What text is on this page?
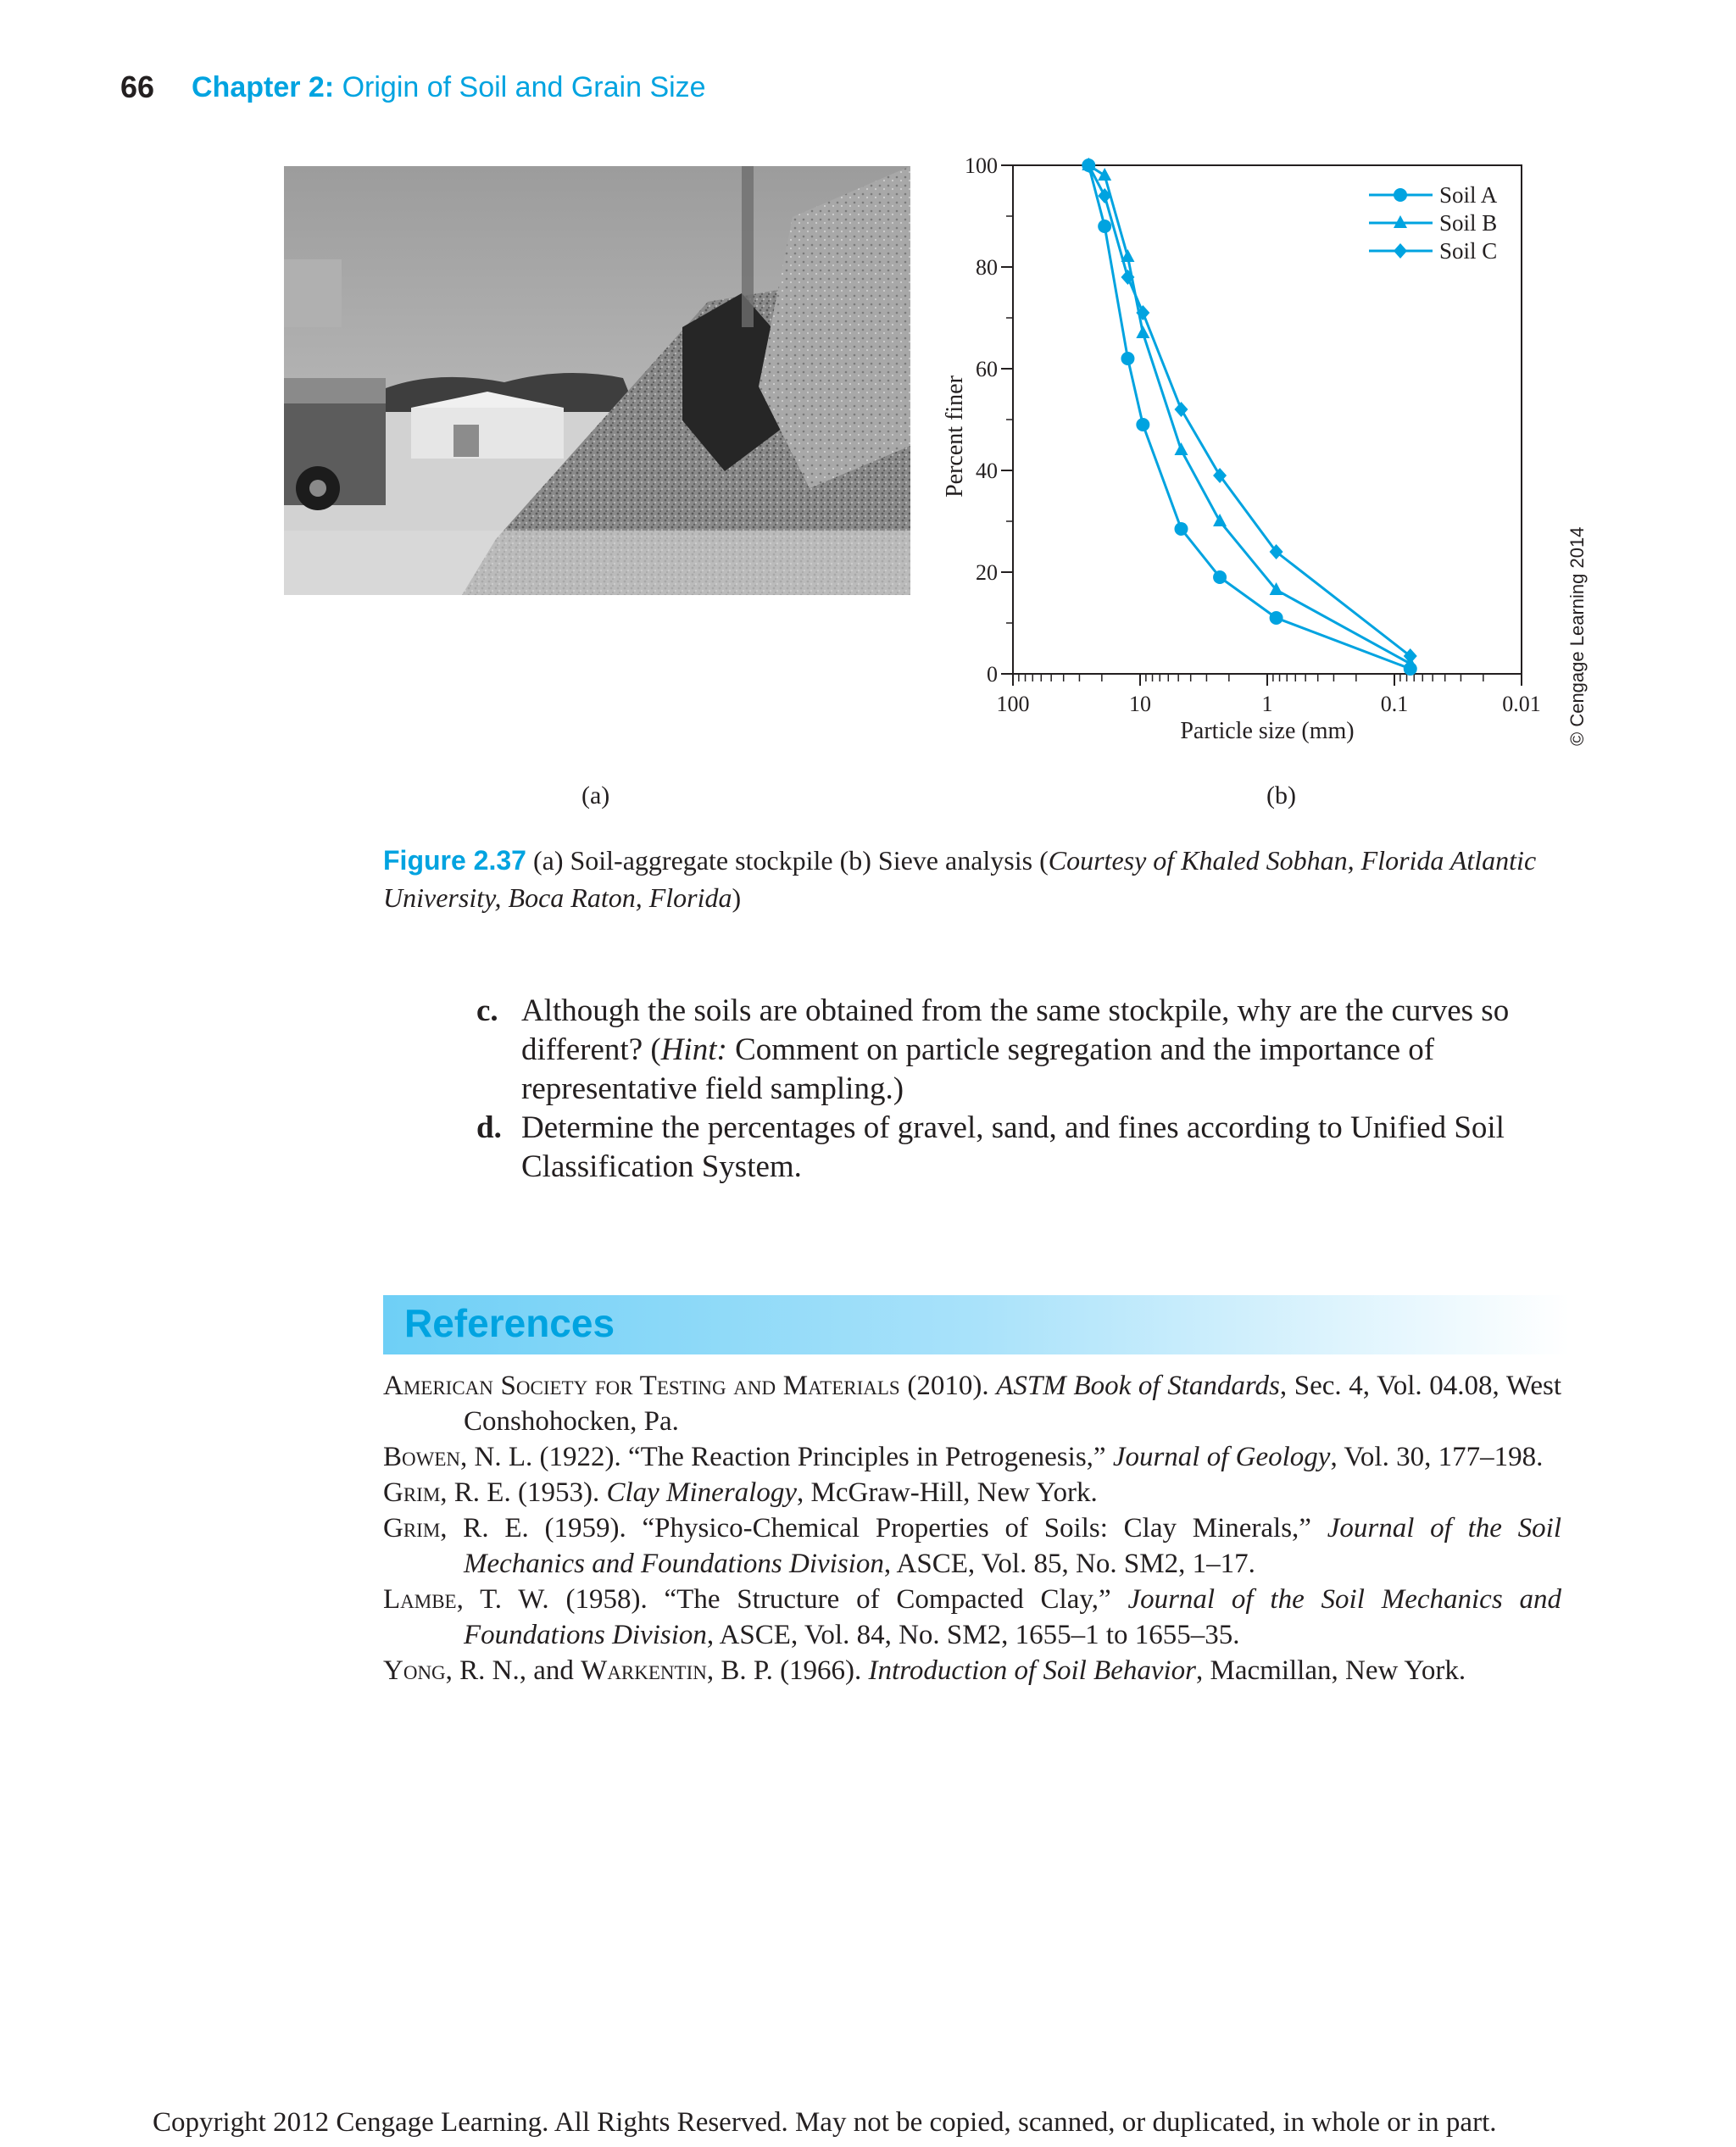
66 Chapter 2: Origin of Soil and Grain Size
0
20
40
60
80
100
100	10	1	0.1	0.01
Particle size (mm)
Percent finer
Soil A
Soil B
Soil C
© Cengage Learning 2014
(a)	(b)
Figure 2.37 (a) Soil-aggregate stockpile (b) Sieve analysis (Courtesy of Khaled Sobhan, Florida Atlantic University, Boca Raton, Florida)
c. Although the soils are obtained from the same stockpile, why are the curves so different? (Hint: Comment on particle segregation and the importance of representative field sampling.)
d. Determine the percentages of gravel, sand, and fines according to Unified Soil Classification System.
References

American Society for Testing and Materials (2010). ASTM Book of Standards, Sec. 4, Vol. 04.08, West Conshohocken, Pa.

Bowen, N. L. (1922). “The Reaction Principles in Petrogenesis,” Journal of Geology, Vol. 30, 177–198.

Grim, R. E. (1953). Clay Mineralogy, McGraw-Hill, New York.

Grim, R. E. (1959). “Physico-Chemical Properties of Soils: Clay Minerals,” Journal of the Soil Mechanics and Foundations Division, ASCE, Vol. 85, No. SM2, 1–17.

Lambe, T. W. (1958). “The Structure of Compacted Clay,” Journal of the Soil Mechanics and Foundations Division, ASCE, Vol. 84, No. SM2, 1655–1 to 1655–35.

Yong, R. N., and Warkentin, B. P. (1966). Introduction of Soil Behavior, Macmillan, New York.

Copyright 2012 Cengage Learning. All Rights Reserved. May not be copied, scanned, or duplicated, in whole or in part.
